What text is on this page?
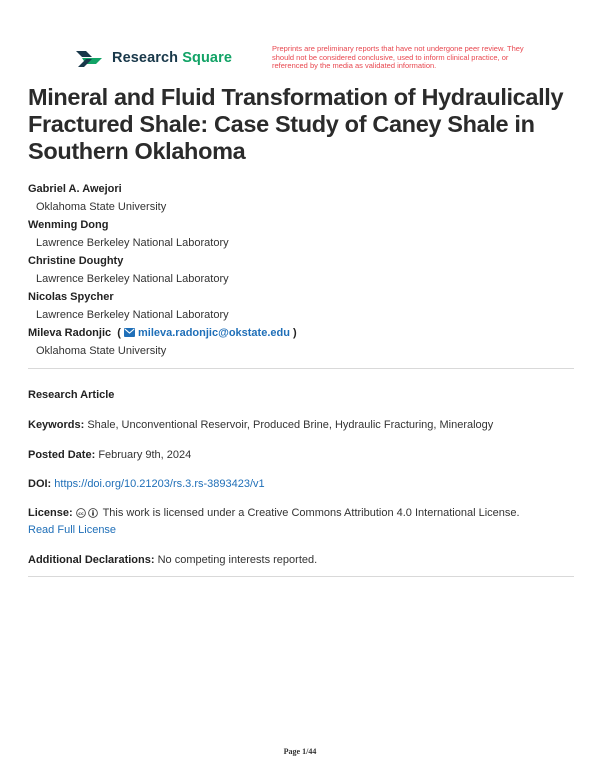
Research Square
Preprints are preliminary reports that have not undergone peer review. They should not be considered conclusive, used to inform clinical practice, or referenced by the media as validated information.
Mineral and Fluid Transformation of Hydraulically Fractured Shale: Case Study of Caney Shale in Southern Oklahoma
Gabriel A. Awejori
Oklahoma State University
Wenming Dong
Lawrence Berkeley National Laboratory
Christine Doughty
Lawrence Berkeley National Laboratory
Nicolas Spycher
Lawrence Berkeley National Laboratory
Mileva Radonjic  ( mileva.radonjic@okstate.edu )
Oklahoma State University
Research Article
Keywords: Shale, Unconventional Reservoir, Produced Brine, Hydraulic Fracturing, Mineralogy
Posted Date: February 9th, 2024
DOI: https://doi.org/10.21203/rs.3.rs-3893423/v1
License: cc This work is licensed under a Creative Commons Attribution 4.0 International License.
Read Full License
Additional Declarations: No competing interests reported.
Page 1/44
